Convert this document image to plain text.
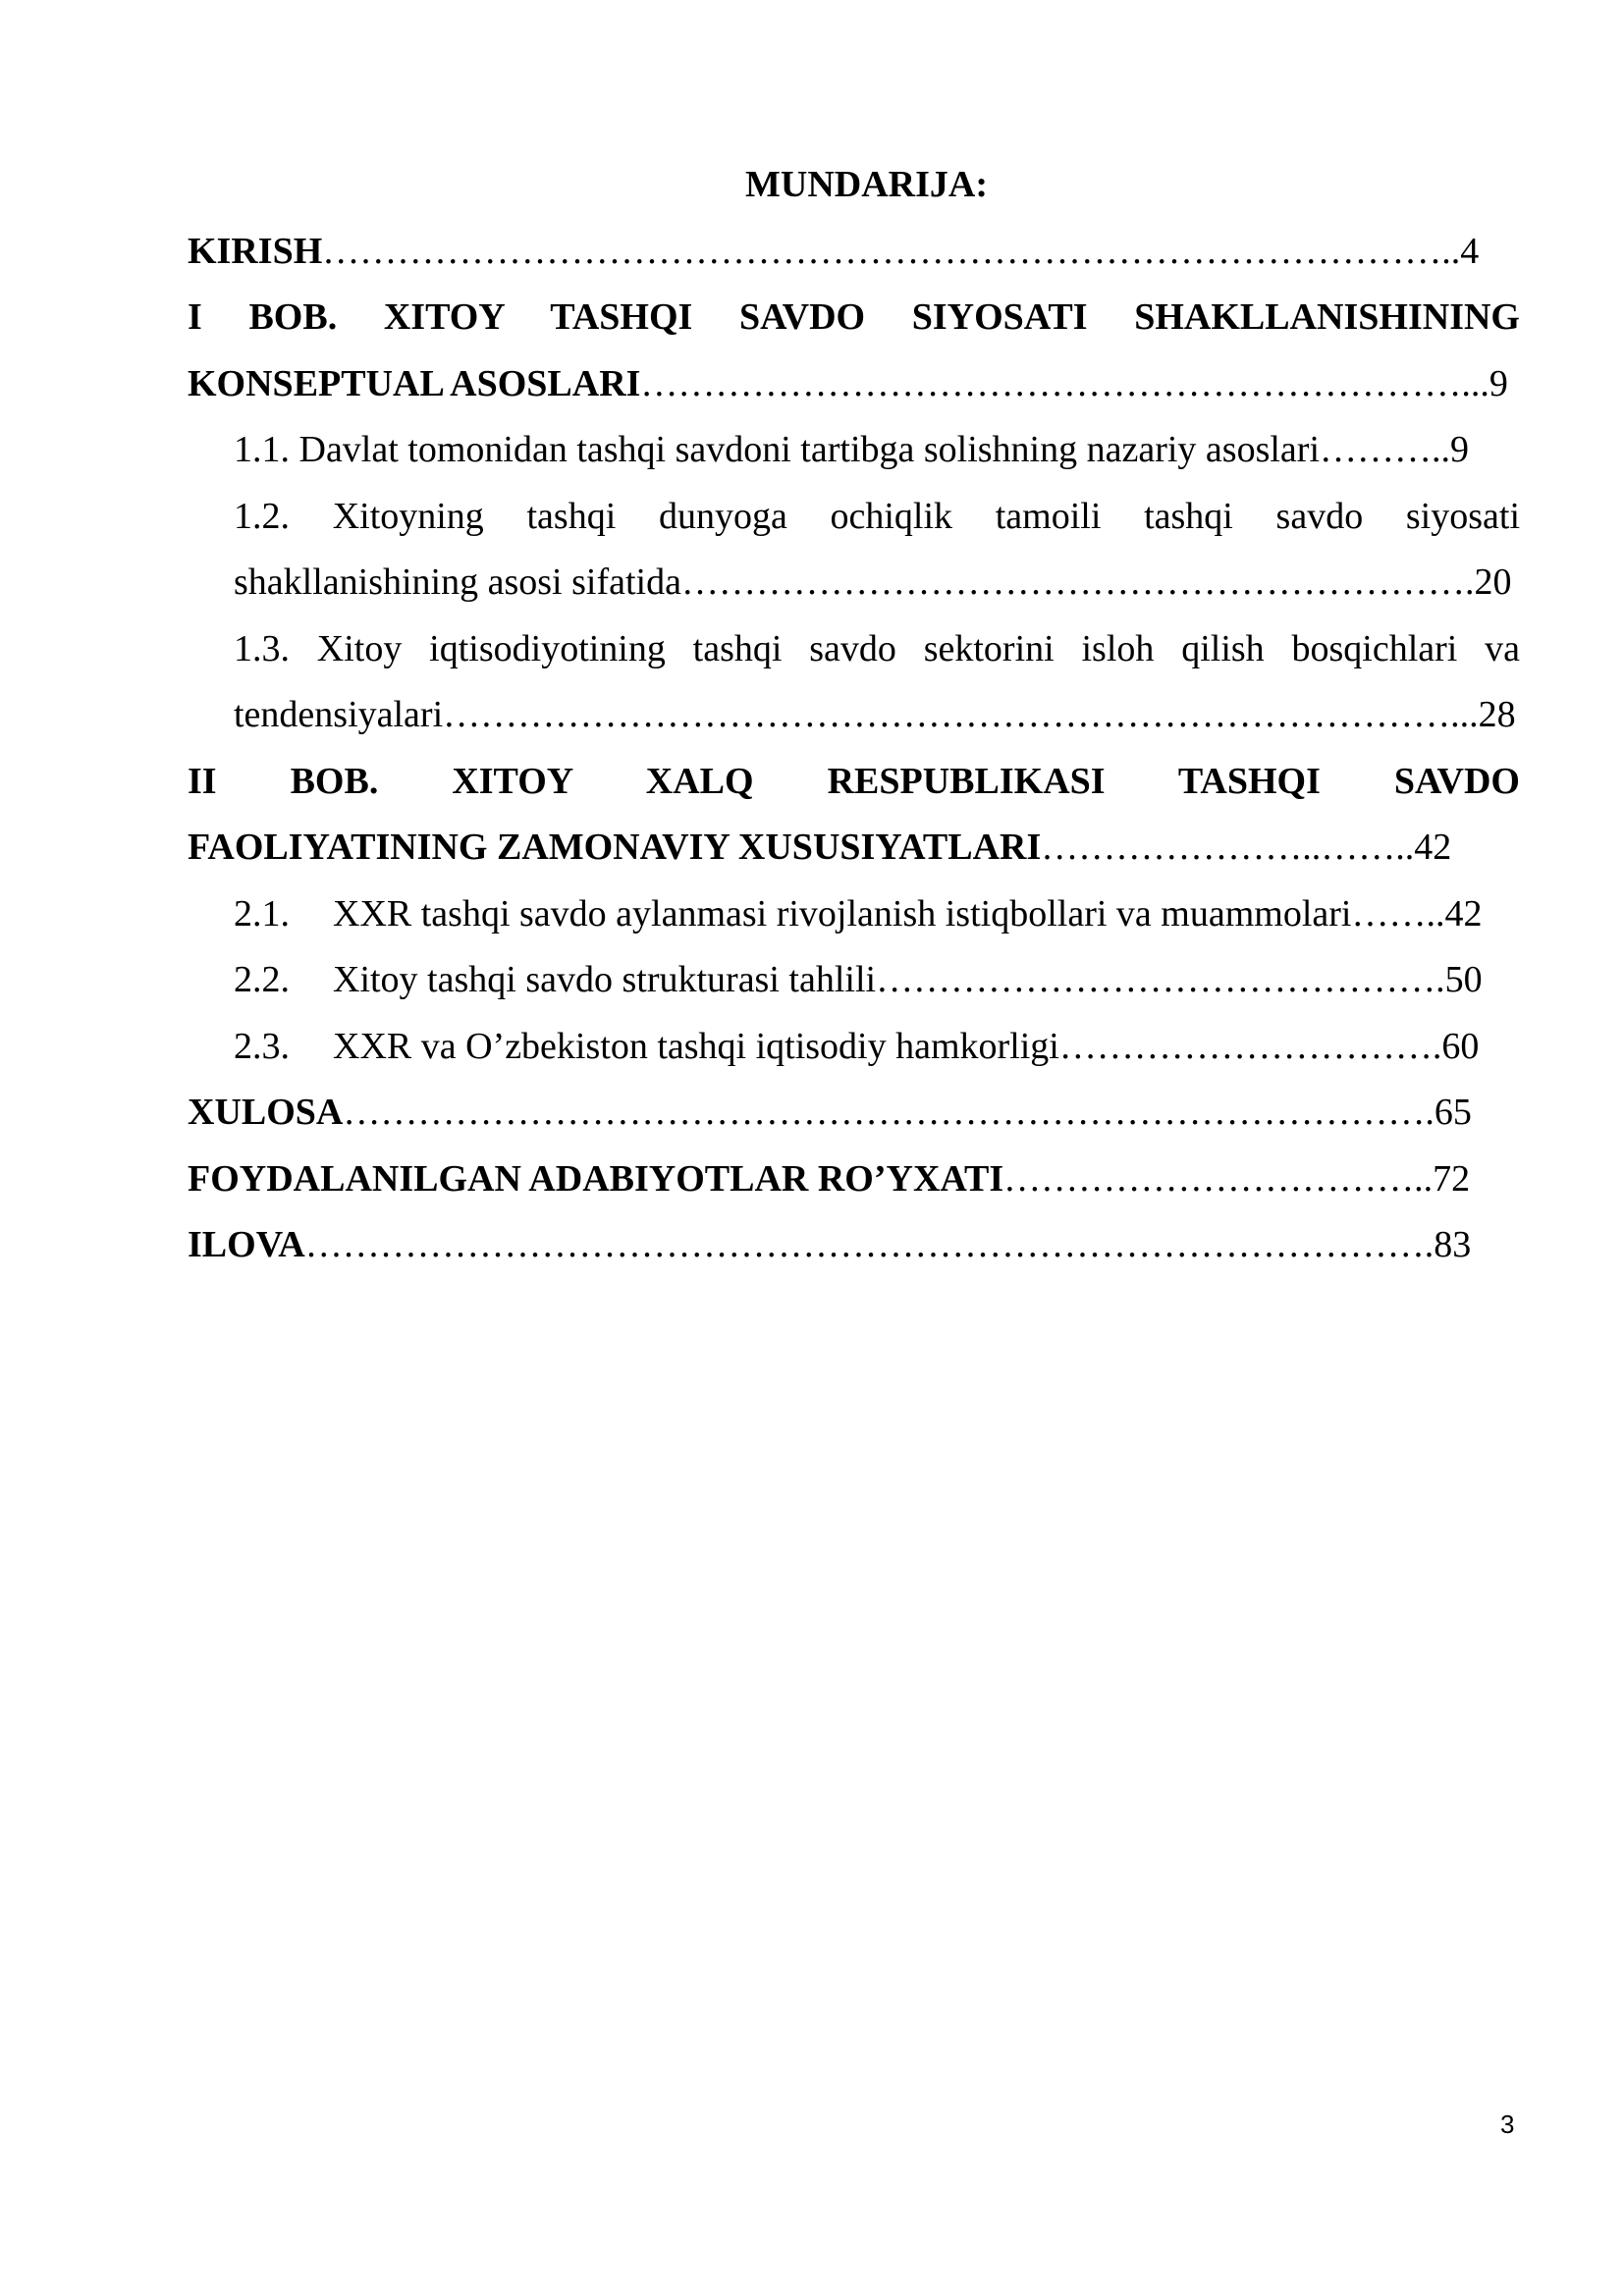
MUNDARIJA:
KIRISH………………………………………………………………………………..4
I BOB. XITOY TASHQI SAVDO SIYOSATI SHAKLLANISHINING
KONSEPTUAL ASOSLARI…………………………………………………………...9
1.1. Davlat tomonidan tashqi savdoni tartibga solishning nazariy asoslari………..9
1.2. Xitoyning tashqi dunyoga ochiqlik tamoili tashqi savdo siyosati
shakllanishining asosi sifatida……………………………………………………….20
1.3. Xitoy iqtisodiyotining tashqi savdo sektorini isloh qilish bosqichlari va
tendensiyalari………………………………………………………………………...28
II BOB. XITOY XALQ RESPUBLIKASI TASHQI SAVDO
FAOLIYATINING ZAMONAVIY XUSUSIYATLARI…………………..……..42
2.1. XXR tashqi savdo aylanmasi rivojlanish istiqbollari va muammolari……..42
2.2. Xitoy tashqi savdo strukturasi tahlili……………………………………….50
2.3. XXR va O’zbekiston tashqi iqtisodiy hamkorligi………………………….60
XULOSA…………………………………………………………………………….65
FOYDALANILGAN ADABIYOTLAR RO’YXATI……………………………..72
ILOVA……………………………………………………………………………….83
3
